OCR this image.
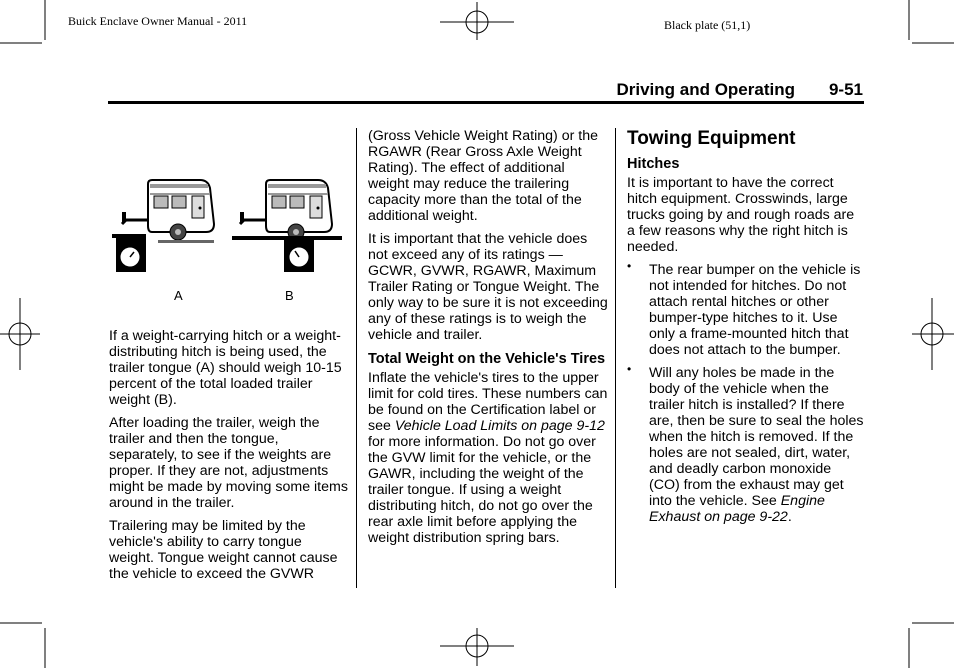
Buick Enclave Owner Manual - 2011	Black plate (51,1)
Driving and Operating 9-51
A	B

If a weight-carrying hitch or a weight-distributing hitch is being used, the trailer tongue (A) should weigh 10-15 percent of the total loaded trailer weight (B).

After loading the trailer, weigh the trailer and then the tongue, separately, to see if the weights are proper. If they are not, adjustments might be made by moving some items around in the trailer.

Trailering may be limited by the vehicle's ability to carry tongue weight. Tongue weight cannot cause the vehicle to exceed the GVWR

(Gross Vehicle Weight Rating) or the RGAWR (Rear Gross Axle Weight Rating). The effect of additional weight may reduce the trailering capacity more than the total of the additional weight.

It is important that the vehicle does not exceed any of its ratings — GCWR, GVWR, RGAWR, Maximum Trailer Rating or Tongue Weight. The only way to be sure it is not exceeding any of these ratings is to weigh the vehicle and trailer.

Total Weight on the Vehicle's Tires

Inflate the vehicle's tires to the upper limit for cold tires. These numbers can be found on the Certification label or see Vehicle Load Limits on page 9-12 for more information. Do not go over the GVW limit for the vehicle, or the GAWR, including the weight of the trailer tongue. If using a weight distributing hitch, do not go over the rear axle limit before applying the weight distribution spring bars.

Towing Equipment
Hitches

It is important to have the correct hitch equipment. Crosswinds, large trucks going by and rough roads are a few reasons why the right hitch is needed.

• The rear bumper on the vehicle is not intended for hitches. Do not attach rental hitches or other bumper-type hitches to it. Use only a frame-mounted hitch that does not attach to the bumper.
• Will any holes be made in the body of the vehicle when the trailer hitch is installed? If there are, then be sure to seal the holes when the hitch is removed. If the holes are not sealed, dirt, water, and deadly carbon monoxide (CO) from the exhaust may get into the vehicle. See Engine Exhaust on page 9-22.
